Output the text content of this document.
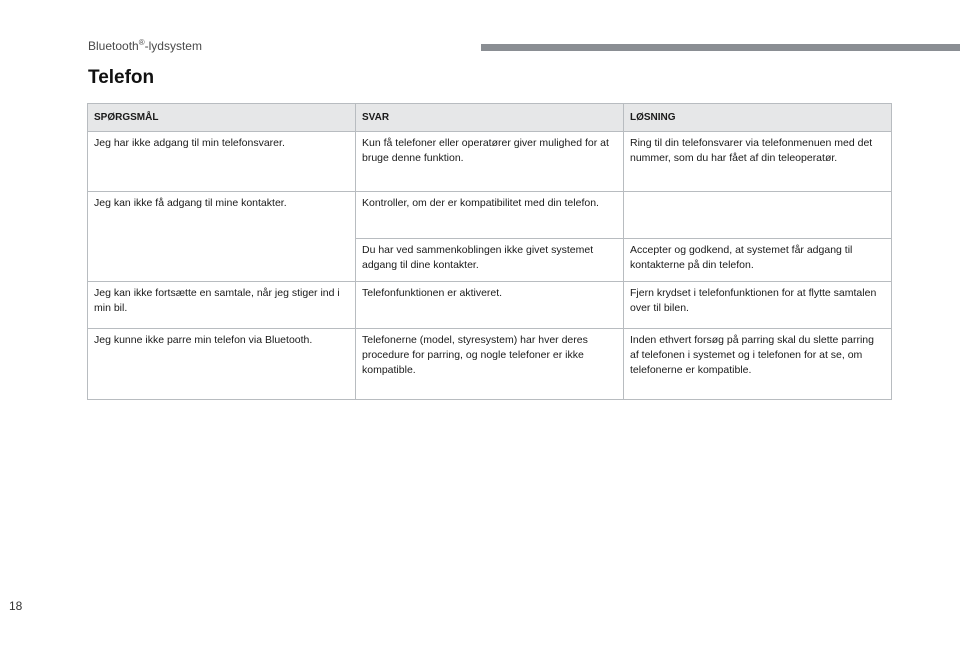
Bluetooth®-lydsystem
Telefon
SPØRGSMÅL	SVAR	LØSNING
Jeg har ikke adgang til min telefonsvarer.	Kun få telefoner eller operatører giver mulighed for at bruge denne funktion.	Ring til din telefonsvarer via telefonmenuen med det nummer, som du har fået af din teleoperatør.
Jeg kan ikke få adgang til mine kontakter.	Kontroller, om der er kompatibilitet med din telefon.	
	Du har ved sammenkoblingen ikke givet systemet adgang til dine kontakter.	Accepter og godkend, at systemet får adgang til kontakterne på din telefon.
Jeg kan ikke fortsætte en samtale, når jeg stiger ind i min bil.	Telefonfunktionen er aktiveret.	Fjern krydset i telefonfunktionen for at flytte samtalen over til bilen.
Jeg kunne ikke parre min telefon via Bluetooth.	Telefonerne (model, styresystem) har hver deres procedure for parring, og nogle telefoner er ikke kompatible.	Inden ethvert forsøg på parring skal du slette parring af telefonen i systemet og i telefonen for at se, om telefonerne er kompatible.
18
